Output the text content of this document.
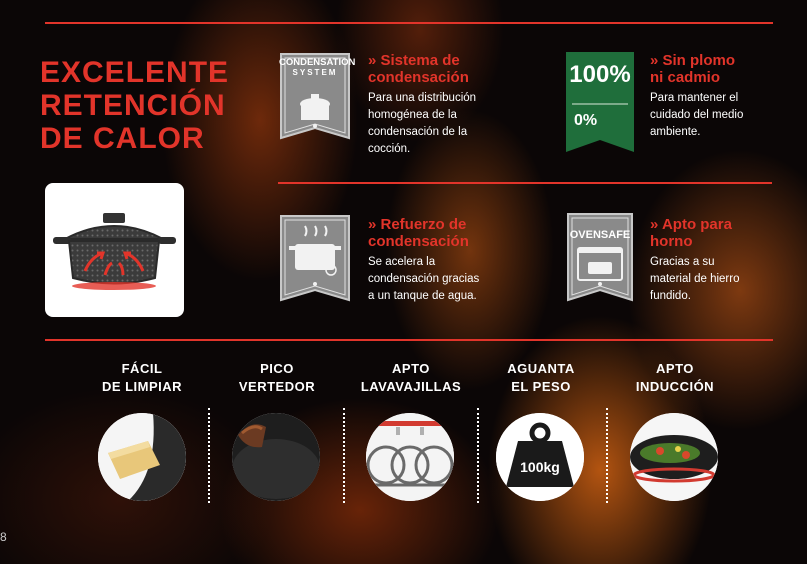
EXCELENTE
RETENCIÓN
DE CALOR
CONDENSATION
SYSTEM
» Sistema de
condensación
Para una distribución
homogénea de la
condensación de la
cocción.
100%
0%
» Sin plomo
ni cadmio
Para mantener el
cuidado del medio
ambiente.
» Refuerzo de
condensación
Se acelera la
condensación gracias
a un tanque de agua.
OVENSAFE
» Apto para
horno
Gracias a su
material de hierro
fundido.
FÁCIL
DE LIMPIAR
PICO
VERTEDOR
APTO
LAVAVAJILLAS
AGUANTA
EL PESO
APTO
INDUCCIÓN
100kg
8
